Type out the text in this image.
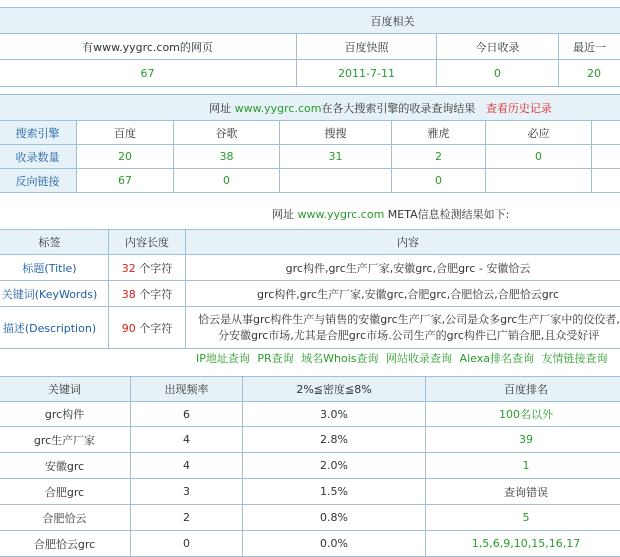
百度相关			
有www.yygrc.com的网页	百度快照	今日收录	最近一
67	2011-7-11	0	20
网址 www.yygrc.com在各大搜索引擎的收录查询结果 查看历史记录						
搜索引擎	百度	谷歌	搜搜	雅虎	必应	
收录数量	20	38	31	2	0	
反向链接	67	0		0		
网址 www.yygrc.com META信息检测结果如下:
标签	内容长度	内容
标题(Title)	32 个字符	grc构件,grc生产厂家,安徽grc,合肥grc - 安徽恰云
关键词(KeyWords)	38 个字符	grc构件,grc生产厂家,安徽grc,合肥grc,合肥恰云,合肥恰云grc
描述(Description)	90 个字符	恰云是从事grc构件生产与销售的安徽grc生产厂家,公司是众多grc生产厂家中的佼佼者,
分安徽grc市场,尤其是合肥grc市场.公司生产的grc构件已广销合肥,且众受好评
IP地址查询 PR查询 域名Whois查询 网站收录查询 Alexa排名查询 友情链接查询
关键词	出现频率	2%≦密度≦8%	百度排名
grc构件	6	3.0%	100名以外
grc生产厂家	4	2.8%	39
安徽grc	4	2.0%	1
合肥grc	3	1.5%	查询错误
合肥恰云	2	0.8%	5
合肥恰云grc	0	0.0%	1,5,6,9,10,15,16,17
